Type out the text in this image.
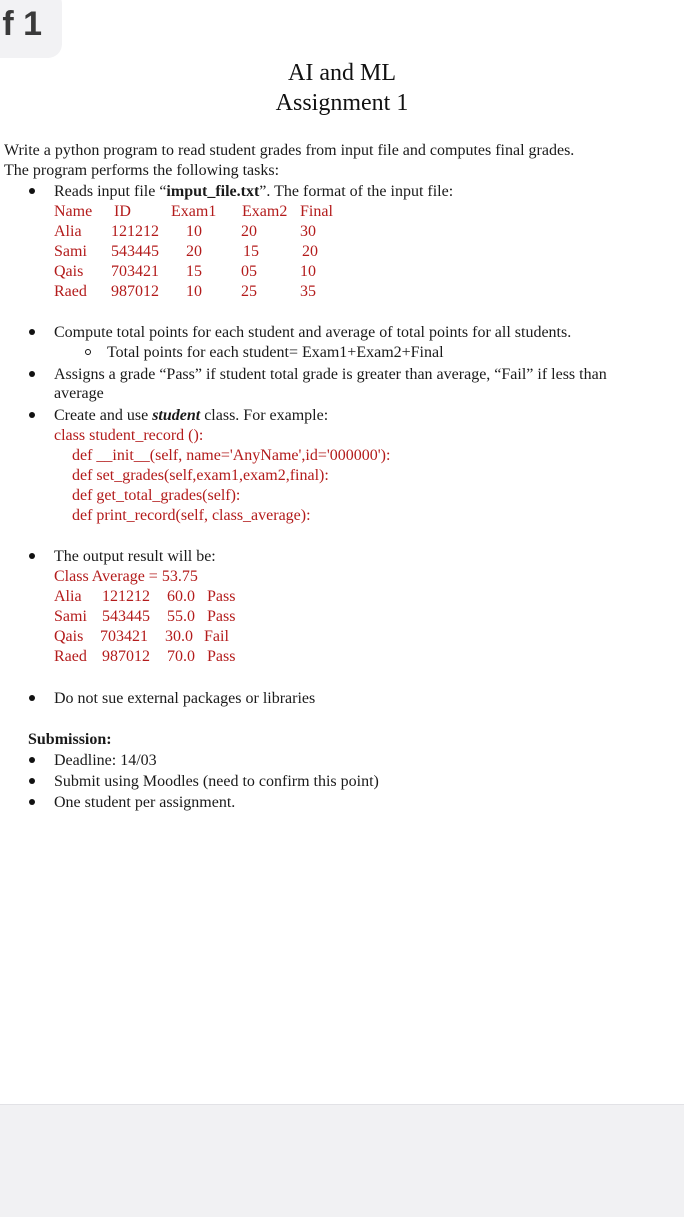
f 1
AI and ML
Assignment 1
Write a python program to read student grades from input file and computes final grades.
The program performs the following tasks:
Reads input file “imput_file.txt”. The format of the input file:
Name ID	Exam1 Exam2 Final
Alia 121212 10 20	30
Sami 543445 20	15	20
Qais 703421 15 05	10
Raed 987012 10 25	35
Compute total points for each student and average of total points for all students.
Total points for each student= Exam1+Exam2+Final
Assigns a grade “Pass” if student total grade is greater than average, “Fail” if less than
average
Create and use student class. For example:
class student_record ():
def __init__(self, name='AnyName',id='000000'):
def set_grades(self,exam1,exam2,final):
def get_total_grades(self):
def print_record(self, class_average):
The output result will be:
Class Average = 53.75
Alia 121212 60.0 Pass
Sami 543445 55.0 Pass
Qais 703421 30.0 Fail
Raed 987012 70.0 Pass
Do not sue external packages or libraries
Submission:
Deadline: 14/03
Submit using Moodles (need to confirm this point)
One student per assignment.
